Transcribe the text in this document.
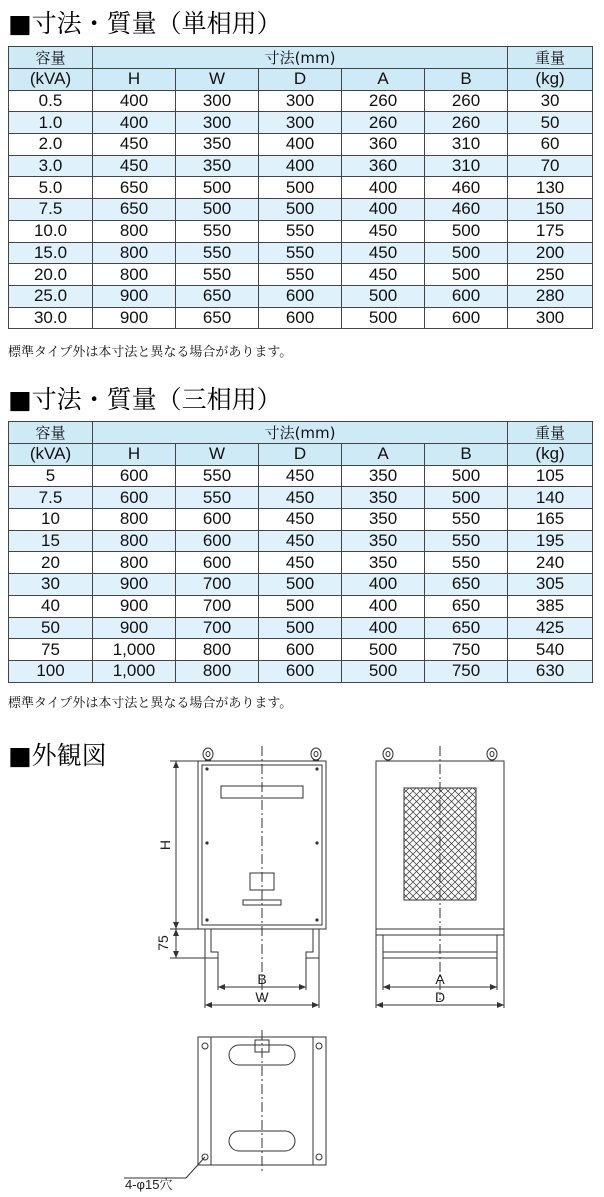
■寸法・質量（単相用）
容量	寸法(mm)					重量
(kVA)	H	W	D	A	B	(kg)
0.5	400	300	300	260	260	30
1.0	400	300	300	260	260	50
2.0	450	350	400	360	310	60
3.0	450	350	400	360	310	70
5.0	650	500	500	400	460	130
7.5	650	500	500	400	460	150
10.0	800	550	550	450	500	175
15.0	800	550	550	450	500	200
20.0	800	550	550	450	500	250
25.0	900	650	600	500	600	280
30.0	900	650	600	500	600	300
標準タイプ外は本寸法と異なる場合があります。
■寸法・質量（三相用）
容量	寸法(mm)					重量
(kVA)	H	W	D	A	B	(kg)
5	600	550	450	350	500	105
7.5	600	550	450	350	500	140
10	800	600	450	350	550	165
15	800	600	450	350	550	195
20	800	600	450	350	550	240
30	900	700	500	400	650	305
40	900	700	500	400	650	385
50	900	700	500	400	650	425
75	1,000	800	600	500	750	540
100	1,000	800	600	500	750	630
標準タイプ外は本寸法と異なる場合があります。
■外観図
H
75
B
W
A
D
4-φ15穴
